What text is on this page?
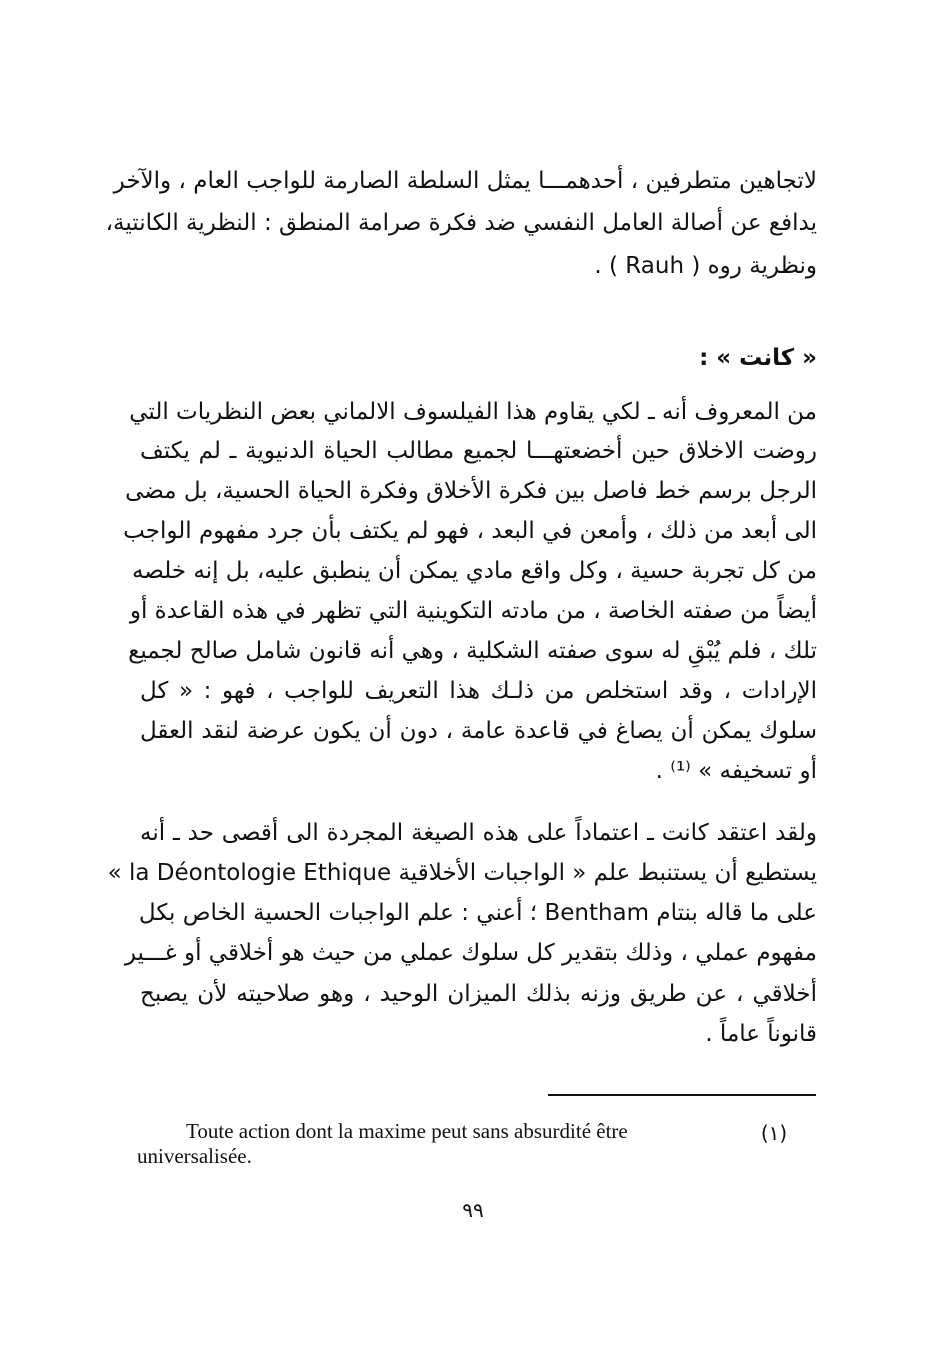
لاتجاهين متطرفين ، أحدهمـــا يمثل السلطة الصارمة للواجب العام ، والآخر
يدافع عن أصالة العامل النفسي ضد فكرة صرامة المنطق : النظرية الكانتية،
ونظرية روه ( Rauh ) .
« كانت » :
من المعروف أنه ـ لكي يقاوم هذا الفيلسوف الالماني بعض النظريات التي
روضت الاخلاق حين أخضعتهـــا لجميع مطالب الحياة الدنيوية ـ لم يكتف
الرجل برسم خط فاصل بين فكرة الأخلاق وفكرة الحياة الحسية، بل مضى
الى أبعد من ذلك ، وأمعن في البعد ، فهو لم يكتف بأن جرد مفهوم الواجب
من كل تجربة حسية ، وكل واقع مادي يمكن أن ينطبق عليه، بل إنه خلصه
أيضاً من صفته الخاصة ، من مادته التكوينية التي تظهر في هذه القاعدة أو
تلك ، فلم يُبْقِ له سوى صفته الشكلية ، وهي أنه قانون شامل صالح لجميع
الإرادات ، وقد استخلص من ذلـك هذا التعريف للواجب ، فهو : « كل
سلوك يمكن أن يصاغ في قاعدة عامة ، دون أن يكون عرضة لنقد العقل
أو تسخيفه » ⁽¹⁾ .
ولقد اعتقد كانت ـ اعتماداً على هذه الصيغة المجردة الى أقصى حد ـ أنه
يستطيع أن يستنبط علم « الواجبات الأخلاقية la Déontologie Ethique »
على ما قاله بنتام Bentham ؛ أعني : علم الواجبات الحسية الخاص بكل
مفهوم عملي ، وذلك بتقدير كل سلوك عملي من حيث هو أخلاقي أو غـــير
أخلاقي ، عن طريق وزنه بذلك الميزان الوحيد ، وهو صلاحيته لأن يصبح
قانوناً عاماً .
(١)
Toute action dont la maxime peut sans absurdité être
universalisée.
٩٩
